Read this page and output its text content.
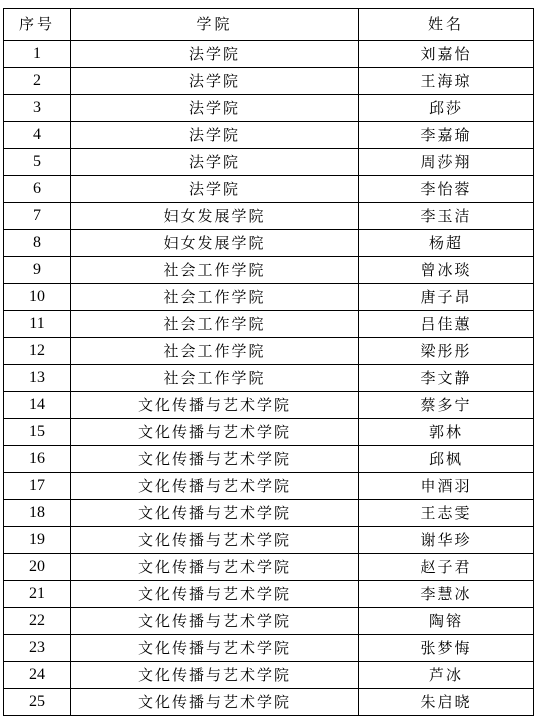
序号	学院	姓名
1	法学院	刘嘉怡
2	法学院	王海琼
3	法学院	邱莎
4	法学院	李嘉瑜
5	法学院	周莎翔
6	法学院	李怡蓉
7	妇女发展学院	李玉洁
8	妇女发展学院	杨超
9	社会工作学院	曾冰琰
10	社会工作学院	唐子昂
11	社会工作学院	吕佳蕙
12	社会工作学院	梁彤彤
13	社会工作学院	李文静
14	文化传播与艺术学院	蔡多宁
15	文化传播与艺术学院	郭林
16	文化传播与艺术学院	邱枫
17	文化传播与艺术学院	申酒羽
18	文化传播与艺术学院	王志雯
19	文化传播与艺术学院	谢华珍
20	文化传播与艺术学院	赵子君
21	文化传播与艺术学院	李慧冰
22	文化传播与艺术学院	陶镕
23	文化传播与艺术学院	张梦悔
24	文化传播与艺术学院	芦冰
25	文化传播与艺术学院	朱启晓
